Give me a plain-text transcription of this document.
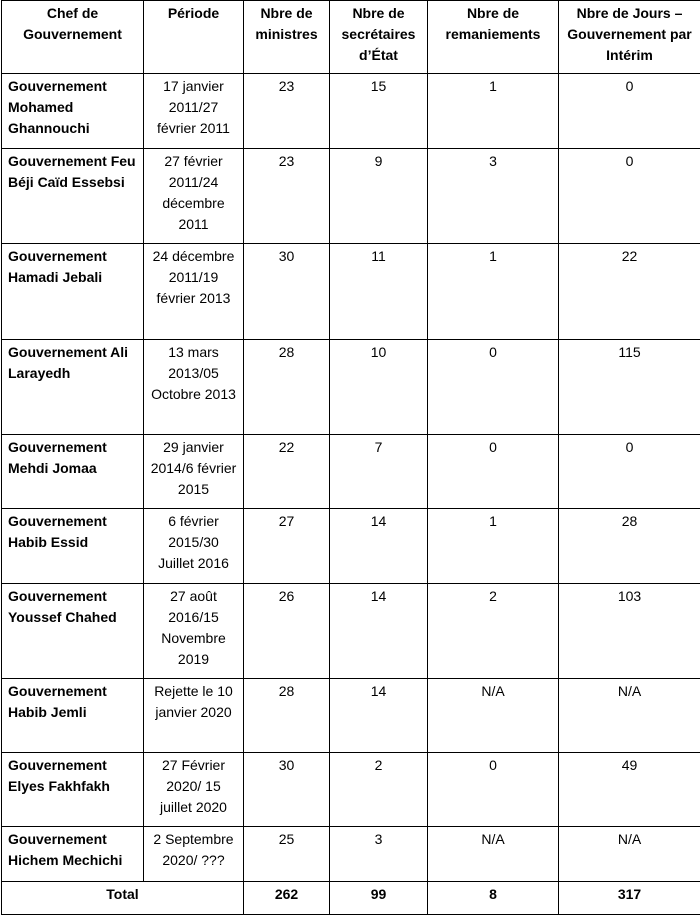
Chef de Gouvernement	Période	Nbre de ministres	Nbre de secrétaires d’État	Nbre de remaniements	Nbre de Jours – Gouvernement par Intérim
Gouvernement Mohamed Ghannouchi	17 janvier 2011/27 février 2011	23	15	1	0
Gouvernement Feu Béji Caïd Essebsi	27 février 2011/24 décembre 2011	23	9	3	0
Gouvernement Hamadi Jebali	24 décembre 2011/19 février 2013	30	11	1	22
Gouvernement Ali Larayedh	13 mars 2013/05 Octobre 2013	28	10	0	115
Gouvernement Mehdi Jomaa	29 janvier 2014/6 février 2015	22	7	0	0
Gouvernement Habib Essid	6 février 2015/30 Juillet 2016	27	14	1	28
Gouvernement Youssef Chahed	27 août 2016/15 Novembre 2019	26	14	2	103
Gouvernement Habib Jemli	Rejette le 10 janvier 2020	28	14	N/A	N/A
Gouvernement Elyes Fakhfakh	27 Février 2020/ 15 juillet 2020	30	2	0	49
Gouvernement Hichem Mechichi	2 Septembre 2020/ ???	25	3	N/A	N/A
Total		262	99	8	317
